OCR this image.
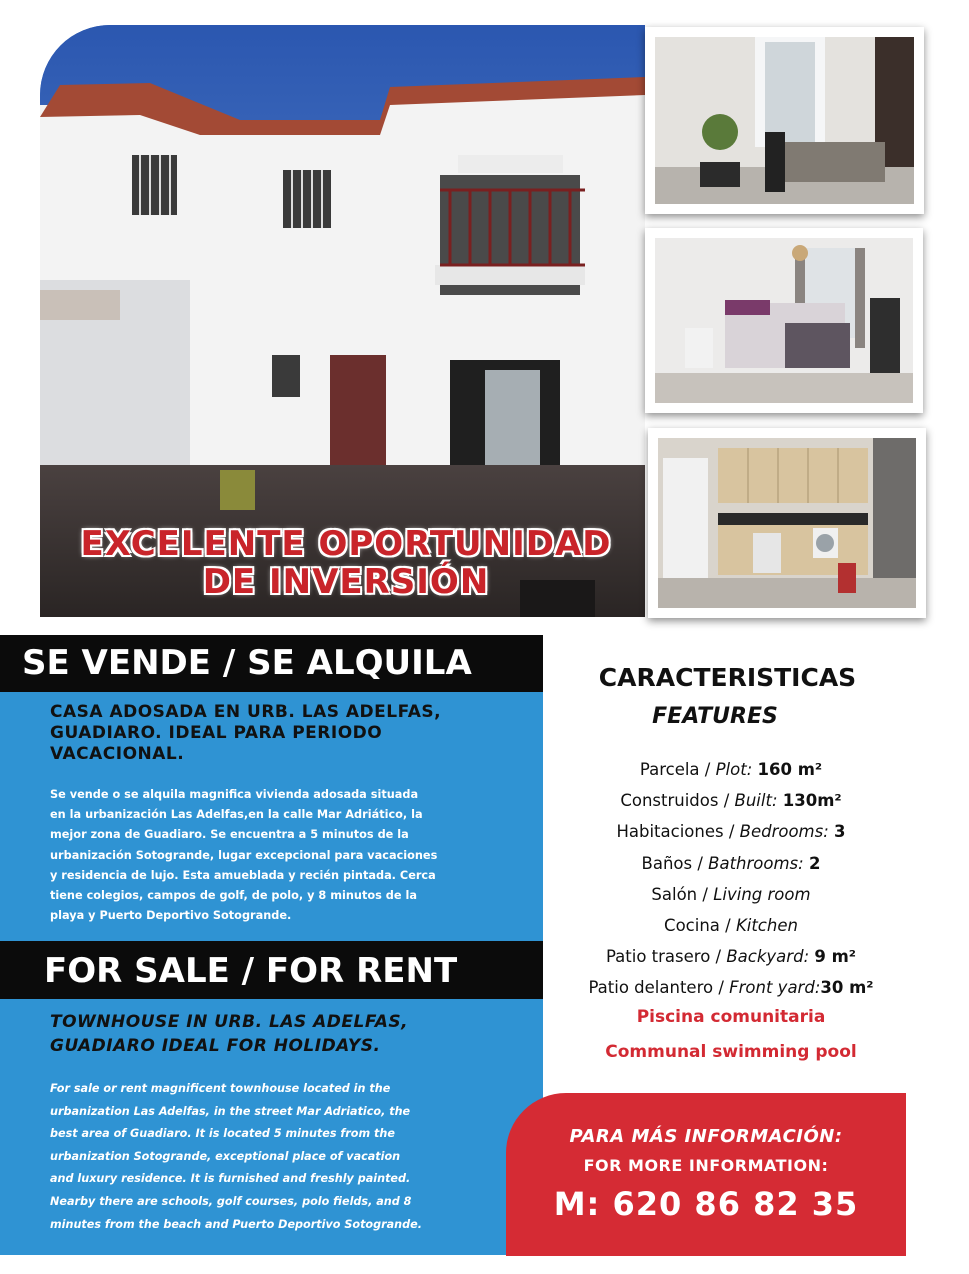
EXCELENTE OPORTUNIDAD
DE INVERSIÓN
SE VENDE / SE ALQUILA
CASA ADOSADA EN URB. LAS ADELFAS,
GUADIARO. IDEAL PARA PERIODO
VACACIONAL.
Se vende o se alquila magnifica vivienda adosada situada
en la urbanización Las Adelfas,en la calle Mar Adriático, la
mejor zona de Guadiaro. Se encuentra a 5 minutos de la
urbanización Sotogrande, lugar excepcional para vacaciones
y residencia de lujo. Esta amueblada y recién pintada. Cerca
tiene colegios, campos de golf, de polo, y 8 minutos de la
playa y Puerto Deportivo Sotogrande.
FOR SALE / FOR RENT
TOWNHOUSE IN URB. LAS ADELFAS,
GUADIARO IDEAL FOR HOLIDAYS.
For sale or rent magnificent townhouse located in the
urbanization Las Adelfas, in the street Mar Adriatico, the
best area of Guadiaro. It is located 5 minutes from the
urbanization Sotogrande, exceptional place of vacation
and luxury residence. It is furnished and freshly painted.
Nearby there are schools, golf courses, polo fields, and 8
minutes from the beach and Puerto Deportivo Sotogrande.
CARACTERISTICAS
FEATURES
Parcela / Plot: 160 m²
Construidos / Built: 130m²
Habitaciones / Bedrooms: 3
Baños / Bathrooms: 2
Salón / Living room
Cocina / Kitchen
Patio trasero / Backyard: 9 m²
Patio delantero / Front yard:30 m²
Piscina comunitaria
Communal swimming pool
PARA MÁS INFORMACIÓN:
FOR MORE INFORMATION:
M: 620 86 82 35
